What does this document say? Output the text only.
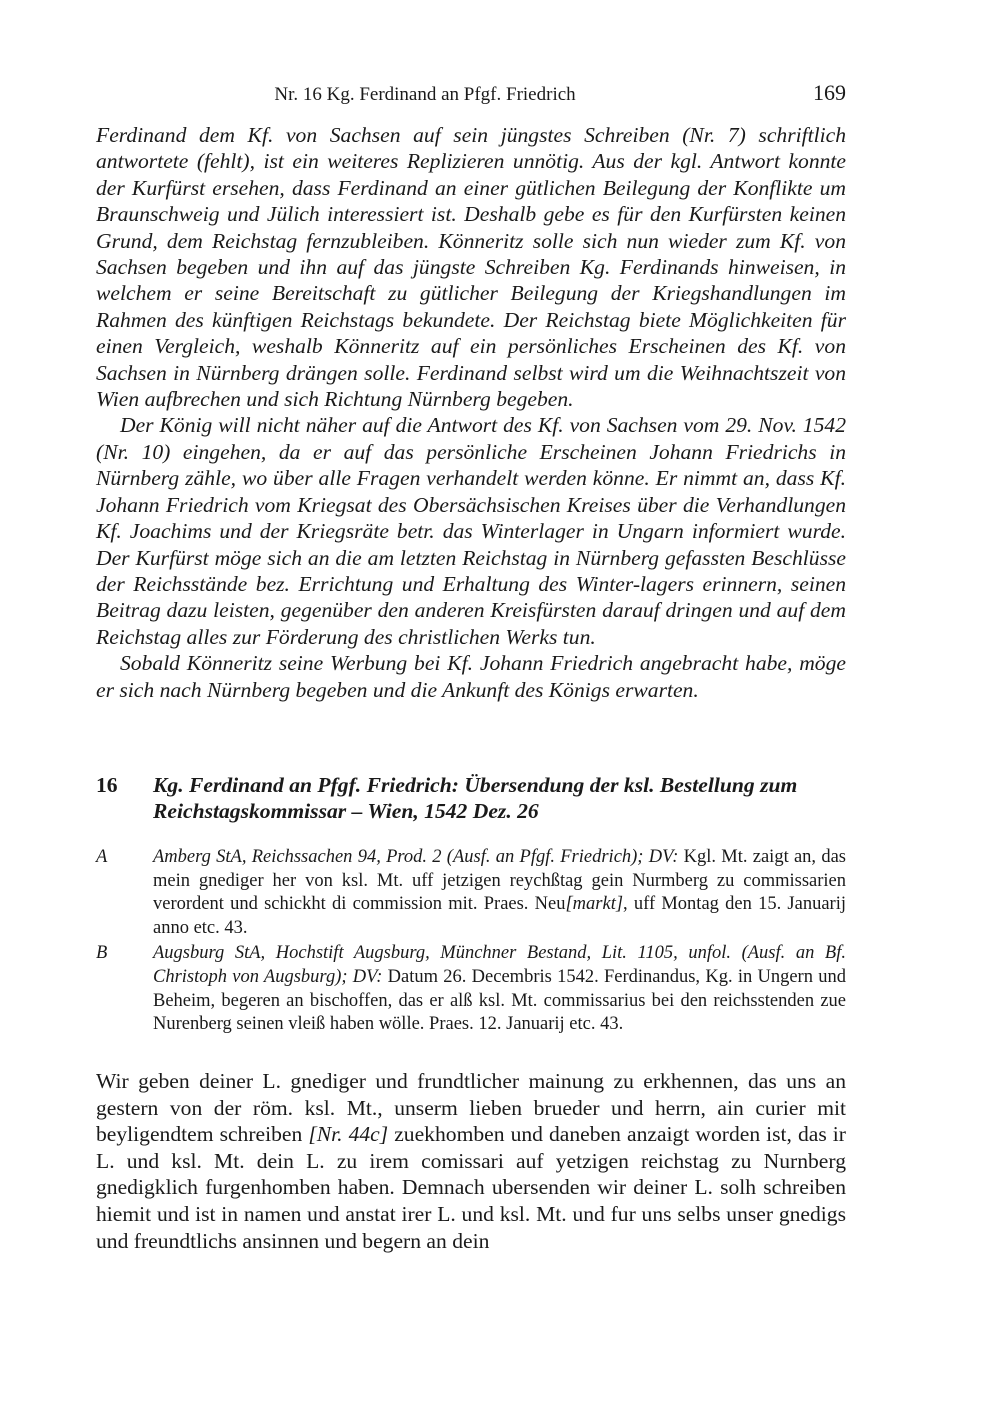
Nr. 16 Kg. Ferdinand an Pfgf. Friedrich	169

Ferdinand dem Kf. von Sachsen auf sein jüngstes Schreiben (Nr. 7) schriftlich antwortete (fehlt), ist ein weiteres Replizieren unnötig. Aus der kgl. Antwort konnte der Kurfürst ersehen, dass Ferdinand an einer gütlichen Beilegung der Konflikte um Braunschweig und Jülich interessiert ist. Deshalb gebe es für den Kurfürsten keinen Grund, dem Reichstag fernzubleiben. Könneritz solle sich nun wieder zum Kf. von Sachsen begeben und ihn auf das jüngste Schreiben Kg. Ferdinands hinweisen, in welchem er seine Bereitschaft zu gütlicher Beilegung der Kriegshandlungen im Rahmen des künftigen Reichstags bekundete. Der Reichstag biete Möglichkeiten für einen Vergleich, weshalb Könneritz auf ein persönliches Erscheinen des Kf. von Sachsen in Nürnberg drängen solle. Ferdinand selbst wird um die Weihnachtszeit von Wien aufbrechen und sich Richtung Nürnberg begeben.

Der König will nicht näher auf die Antwort des Kf. von Sachsen vom 29. Nov. 1542 (Nr. 10) eingehen, da er auf das persönliche Erscheinen Johann Friedrichs in Nürnberg zähle, wo über alle Fragen verhandelt werden könne. Er nimmt an, dass Kf. Johann Friedrich vom Kriegsat des Obersächsischen Kreises über die Verhandlungen Kf. Joachims und der Kriegsräte betr. das Winterlager in Ungarn informiert wurde. Der Kurfürst möge sich an die am letzten Reichstag in Nürnberg gefassten Beschlüsse der Reichsstände bez. Errichtung und Erhaltung des Winter-lagers erinnern, seinen Beitrag dazu leisten, gegenüber den anderen Kreisfürsten darauf dringen und auf dem Reichstag alles zur Förderung des christlichen Werks tun.

Sobald Könneritz seine Werbung bei Kf. Johann Friedrich angebracht habe, möge er sich nach Nürnberg begeben und die Ankunft des Königs erwarten.

16 Kg. Ferdinand an Pfgf. Friedrich: Übersendung der ksl. Bestellung zum Reichstagskommissar – Wien, 1542 Dez. 26
A Amberg StA, Reichssachen 94, Prod. 2 (Ausf. an Pfgf. Friedrich); DV: Kgl. Mt. zaigt an, das mein gnediger her von ksl. Mt. uff jetzigen reychßtag gein Nurmberg zu commissarien verordent und schickht di commission mit. Praes. Neu[markt], uff Montag den 15. Januarij anno etc. 43.
B Augsburg StA, Hochstift Augsburg, Münchner Bestand, Lit. 1105, unfol. (Ausf. an Bf. Christoph von Augsburg); DV: Datum 26. Decembris 1542. Ferdinandus, Kg. in Ungern und Beheim, begeren an bischoffen, das er alß ksl. Mt. commissarius bei den reichsstenden zue Nurenberg seinen vleiß haben wölle. Praes. 12. Januarij etc. 43.
Wir geben deiner L. gnediger und frundtlicher mainung zu erkhennen, das uns an gestern von der röm. ksl. Mt., unserm lieben brueder und herrn, ain curier mit beyligendtem schreiben [Nr. 44c] zuekhomben und daneben anzaigt worden ist, das ir L. und ksl. Mt. dein L. zu irem comissari auf yetzigen reichstag zu Nurnberg gnedigklich furgenhomben haben. Demnach ubersenden wir deiner L. solh schreiben hiemit und ist in namen und anstat irer L. und ksl. Mt. und fur uns selbs unser gnedigs und freundtlichs ansinnen und begern an dein
